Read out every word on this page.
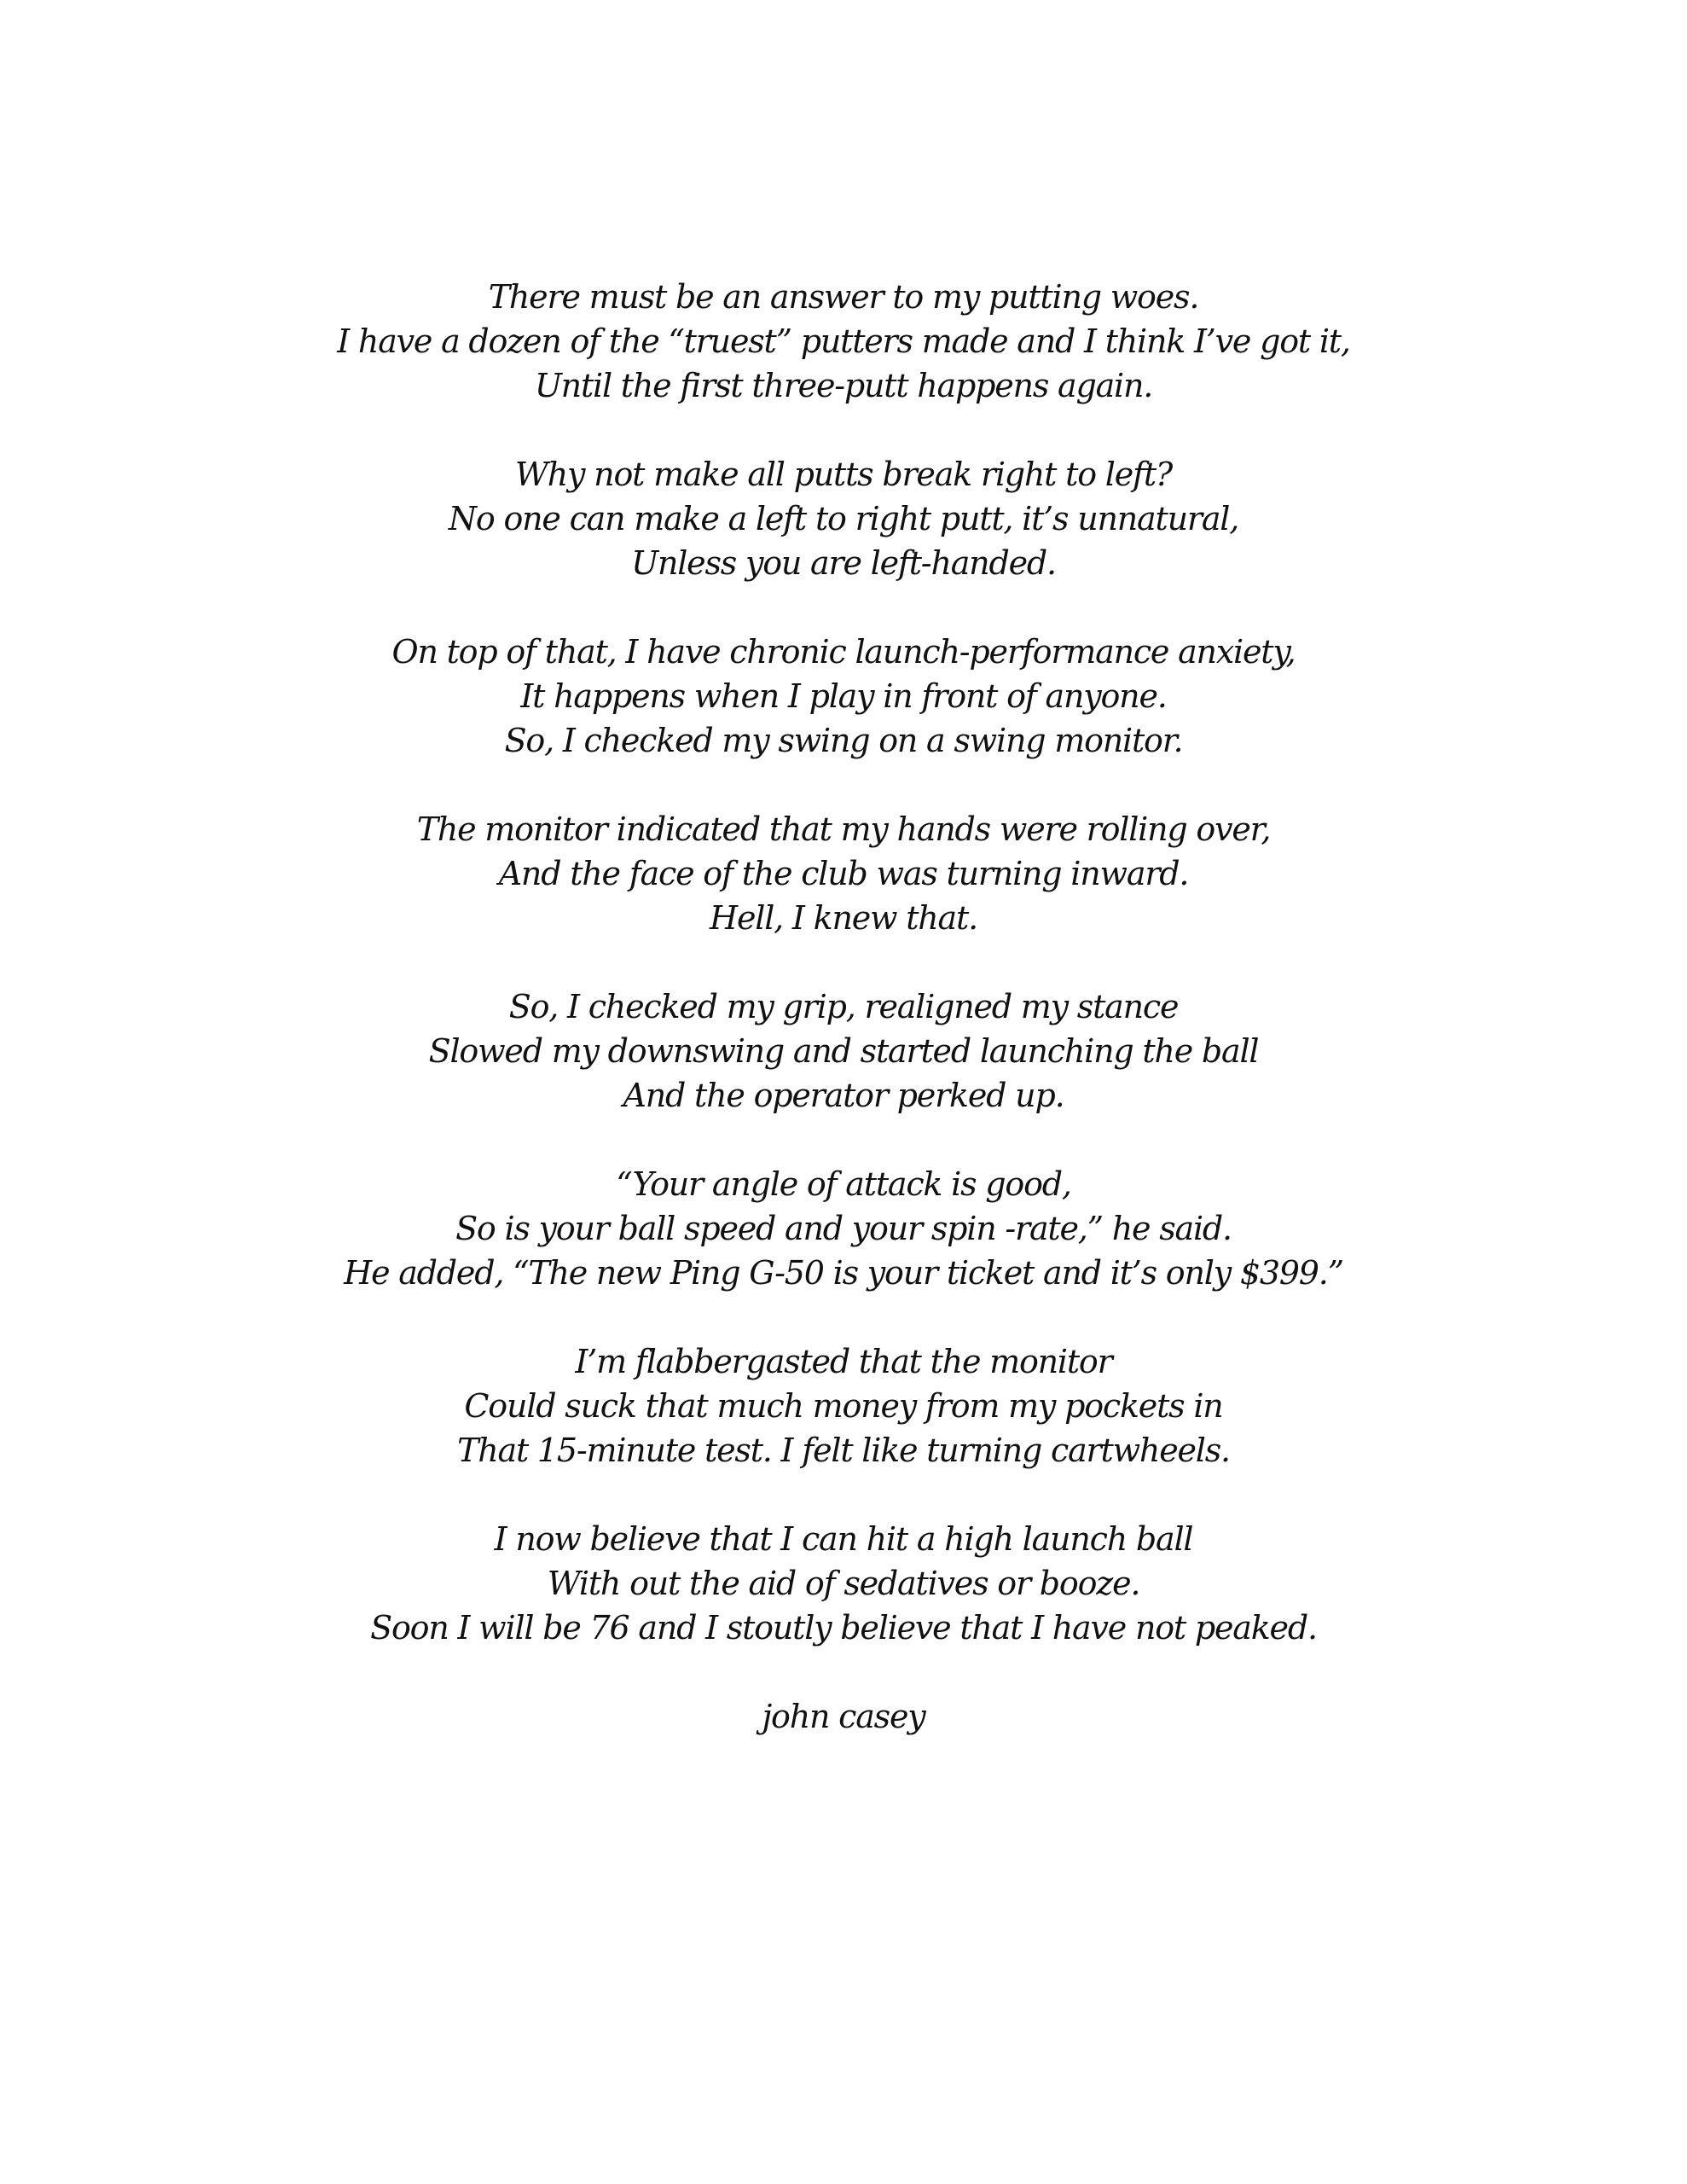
There must be an answer to my putting woes.
I have a dozen of the “truest” putters made and I think I’ve got it,
Until the first three-putt happens again.
Why not make all putts break right to left?
No one can make a left to right putt, it’s unnatural,
Unless you are left-handed.
On top of that, I have chronic launch-performance anxiety,
It happens when I play in front of anyone.
So, I checked my swing on a swing monitor.
The monitor indicated that my hands were rolling over,
And the face of the club was turning inward.
Hell, I knew that.
So, I checked my grip, realigned my stance
Slowed my downswing and started launching the ball
And the operator perked up.
“Your angle of attack is good,
So is your ball speed and your spin -rate,” he said.
He added, “The new Ping G-50 is your ticket and it’s only $399.”
I’m flabbergasted that the monitor
Could suck that much money from my pockets in
That 15-minute test. I felt like turning cartwheels.
I now believe that I can hit a high launch ball
With out the aid of sedatives or booze.
Soon I will be 76 and I stoutly believe that I have not peaked.
john casey
